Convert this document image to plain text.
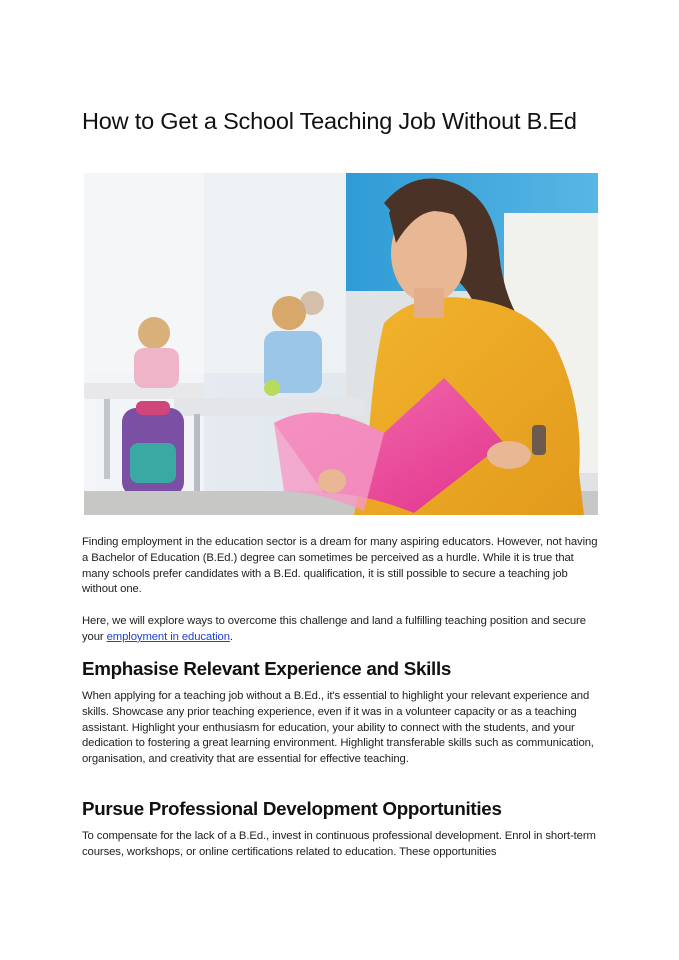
How to Get a School Teaching Job Without B.Ed

Finding employment in the education sector is a dream for many aspiring educators. However, not having a Bachelor of Education (B.Ed.) degree can sometimes be perceived as a hurdle. While it is true that many schools prefer candidates with a B.Ed. qualification, it is still possible to secure a teaching job without one.

Here, we will explore ways to overcome this challenge and land a fulfilling teaching position and secure your employment in education.

Emphasise Relevant Experience and Skills

When applying for a teaching job without a B.Ed., it's essential to highlight your relevant experience and skills. Showcase any prior teaching experience, even if it was in a volunteer capacity or as a teaching assistant. Highlight your enthusiasm for education, your ability to connect with the students, and your dedication to fostering a great learning environment. Highlight transferable skills such as communication, organisation, and creativity that are essential for effective teaching.

Pursue Professional Development Opportunities

To compensate for the lack of a B.Ed., invest in continuous professional development. Enrol in short-term courses, workshops, or online certifications related to education. These opportunities
